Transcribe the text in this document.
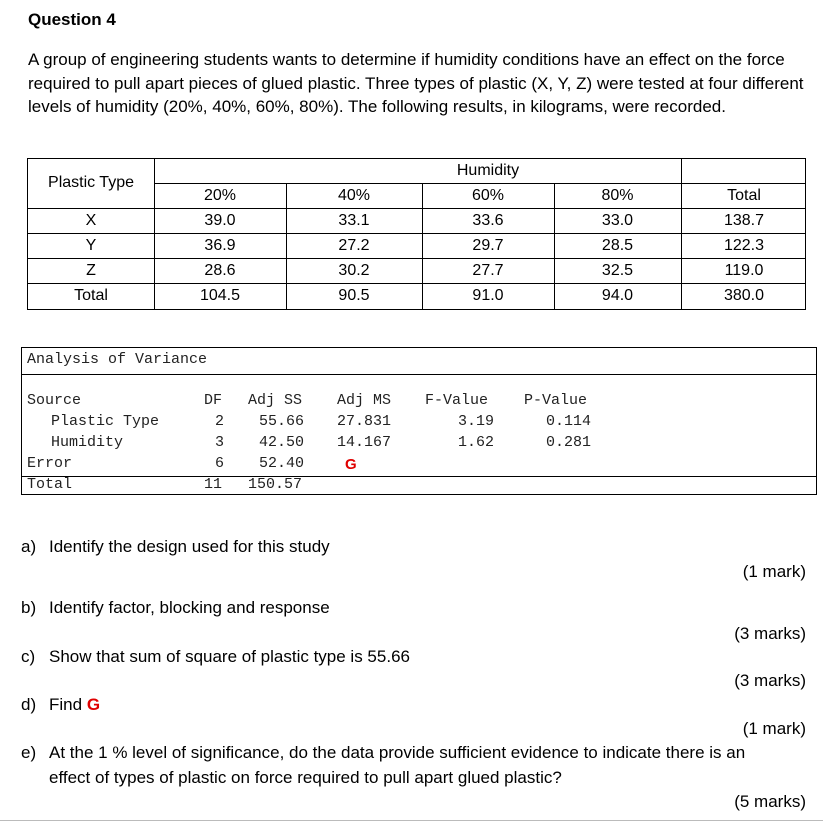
Question 4
A group of engineering students wants to determine if humidity conditions have an effect on the force required to pull apart pieces of glued plastic. Three types of plastic (X, Y, Z) were tested at four different levels of humidity (20%, 40%, 60%, 80%). The following results, in kilograms, were recorded.
Plastic Type
Humidity
20%	40%	60%	80%	Total
X	39.0	33.1	33.6	33.0	138.7
Y	36.9	27.2	29.7	28.5	122.3
Z	28.6	30.2	27.7	32.5	119.0
Total	104.5	90.5	91.0	94.0	380.0
Analysis of Variance
Source	DF Adj SS Adj MS F-Value P-Value
Plastic Type	2 55.66 27.831	3.19	0.114
Humidity	3 42.50 14.167	1.62	0.281
Error	6 52.40	G
Total	11 150.57
a) Identify the design used for this study
(1 mark)
b) Identify factor, blocking and response
(3 marks)
c) Show that sum of square of plastic type is 55.66
(3 marks)
d) Find G
(1 mark)
e) At the 1 % level of significance, do the data provide sufficient evidence to indicate there is an
effect of types of plastic on force required to pull apart glued plastic?
(5 marks)
